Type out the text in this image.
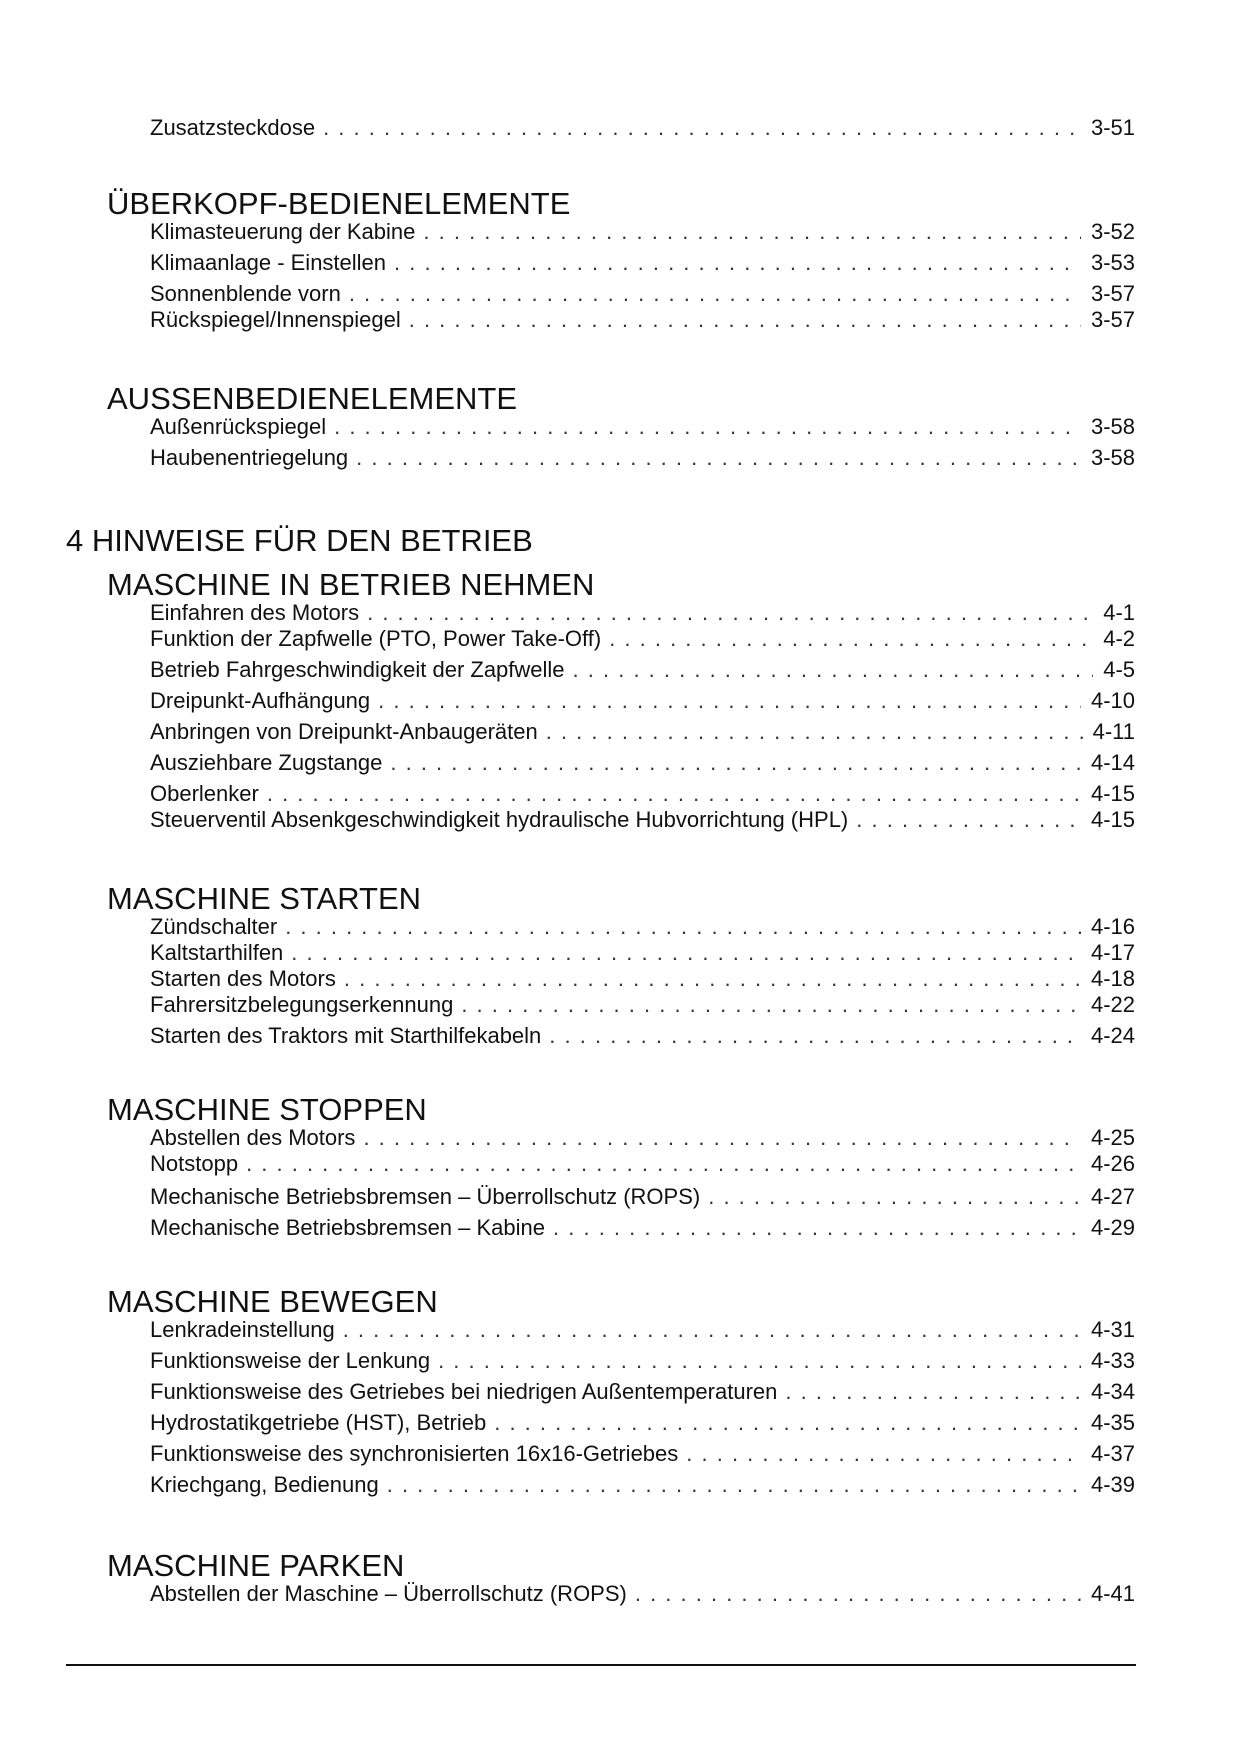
Zusatzsteckdose . . .	3-51
ÜBERKOPF-BEDIENELEMENTE
Klimasteuerung der Kabine . . .	3-52
Klimaanlage - Einstellen . . .	3-53
Sonnenblende vorn . . .	3-57
Rückspiegel/Innenspiegel . . .	3-57
AUSSENBEDIENELEMENTE
Außenrückspiegel . . .	3-58
Haubenentriegelung . . .	3-58
4 HINWEISE FÜR DEN BETRIEB
MASCHINE IN BETRIEB NEHMEN
Einfahren des Motors . . .	4-1
Funktion der Zapfwelle (PTO, Power Take-Off) . . .	4-2
Betrieb Fahrgeschwindigkeit der Zapfwelle . . .	4-5
Dreipunkt-Aufhängung . . .	4-10
Anbringen von Dreipunkt-Anbaugeräten . . .	4-11
Ausziehbare Zugstange . . .	4-14
Oberlenker . . .	4-15
Steuerventil Absenkgeschwindigkeit hydraulische Hubvorrichtung (HPL) . . .	4-15
MASCHINE STARTEN
Zündschalter . . .	4-16
Kaltstarthilfen . . .	4-17
Starten des Motors . . .	4-18
Fahrersitzbelegungserkennung . . .	4-22
Starten des Traktors mit Starthilfekabeln . . .	4-24
MASCHINE STOPPEN
Abstellen des Motors . . .	4-25
Notstopp . . .	4-26
Mechanische Betriebsbremsen – Überrollschutz (ROPS) . . .	4-27
Mechanische Betriebsbremsen – Kabine . . .	4-29
MASCHINE BEWEGEN
Lenkradeinstellung . . .	4-31
Funktionsweise der Lenkung . . .	4-33
Funktionsweise des Getriebes bei niedrigen Außentemperaturen . . .	4-34
Hydrostatikgetriebe (HST), Betrieb . . .	4-35
Funktionsweise des synchronisierten 16x16-Getriebes . . .	4-37
Kriechgang, Bedienung . . .	4-39
MASCHINE PARKEN
Abstellen der Maschine – Überrollschutz (ROPS) . . .	4-41
